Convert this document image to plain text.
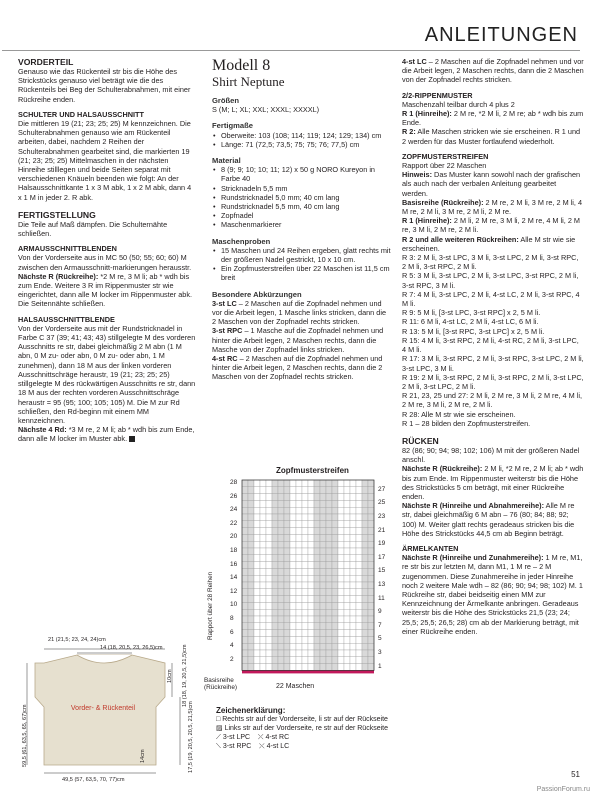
ANLEITUNGEN
VORDERTEIL

Genauso wie das Rückenteil str bis die Höhe des Strickstücks genauso viel beträgt wie die des Rückenteils bei Beg der Schulterabnahmen, mit einer Rückreihe enden.

SCHULTER UND HALSAUSSCHNITT

Die mittleren 19 (21; 23; 25; 25) M kennzeichnen. Die Schulterabnahmen genauso wie am Rückenteil arbeiten, dabei, nachdem 2 Reihen der Schulterabnahmen gearbeitet sind, die markierten 19 (21; 23; 25; 25) Mittelmaschen in der nächsten Hinreihe stilllegen und beide Seiten separat mit verschiedenen Knäueln beenden wie folgt: An der Halsausschnittkante 1 x 3 M abk, 1 x 2 M abk, dann 4 x 1 M in jeder 2. R abk.

FERTIGSTELLUNG

Die Teile auf Maß dämpfen. Die Schulternähte schließen.

ARMAUSSCHNITTBLENDEN

Von der Vorderseite aus in MC 50 (50; 55; 60; 60) M zwischen den Armausschnitt-markierungen herausstr.

Nächste R (Rückreihe): *2 M re, 3 M li; ab * wdh bis zum Ende. Weitere 3 R im Rippenmuster str wie eingerichtet, dann alle M locker im Rippenmuster abk. Die Seitennähte schließen.

HALSAUSSCHNITTBLENDE

Von der Vorderseite aus mit der Rundstricknadel in Farbe C 37 (39; 41; 43; 43) stillgelegte M des vorderen Ausschnitts re str, dabei gleichmäßig 2 M abn (1 M abn, 0 M zu- oder abn, 0 M zu- oder abn, 1 M zunehmen), dann 18 M aus der linken vorderen Ausschnittschräge heraustr, 19 (21; 23; 25; 25) stillgelegte M des rückwärtigen Ausschnitts re str, dann 18 M aus der rechten vorderen Ausschnittschräge heraustr = 95 (95; 100; 105; 105) M. Die M zur Rd schließen, den Rd-beginn mit einem MM kennzeichnen.

Nächste 4 Rd: *3 M re, 2 M li; ab * wdh bis zum Ende, dann alle M locker im Muster abk.

21 (21,5; 23, 24, 24)cm
14 (18, 20,5, 23, 26,5)cm
Vorder- & Rückenteil
10cm 18 (18, 19, 20,5, 21,5)cm
17,5 (19, 20,5, 20,5, 21,5)cm
59,5 (61, 63,5, 65, 67)cm	14cm
49,5 (57, 63,5, 70, 77)cm
Modell 8
Shirt Neptune
Größen

S (M; L; XL; XXL; XXXL; XXXXL)

Fertigmaße
• Oberweite: 103 (108; 114; 119; 124; 129; 134) cm
• Länge: 71 (72,5; 73,5; 75; 75; 76; 77,5) cm
Material
• 8 (9; 9; 10; 10; 11; 12) x 50 g NORO Kureyon in Farbe 40
• Stricknadeln 5,5 mm
• Rundstricknadel 5,0 mm; 40 cm lang
• Rundstricknadel 5,5 mm, 40 cm lang
• Zopfnadel
• Maschenmarkierer
Maschenproben
• 15 Maschen und 24 Reihen ergeben, glatt rechts mit der größeren Nadel gestrickt, 10 x 10 cm.
• Ein Zopfmusterstreifen über 22 Maschen ist 11,5 cm breit
Besondere Abkürzungen

3-st LC – 2 Maschen auf die Zopfnadel nehmen und vor die Arbeit legen, 1 Masche links stricken, dann die 2 Maschen von der Zopfnadel rechts stricken.

3-st RPC – 1 Masche auf die Zopfnadel nehmen und hinter die Arbeit legen, 2 Maschen rechts, dann die Masche von der Zopfnadel links stricken.

4-st RC – 2 Maschen auf die Zopfnadel nehmen und hinter die Arbeit legen, 2 Maschen rechts, dann die 2 Maschen von der Zopfnadel rechts stricken.

Zopfmusterstreifen
28
26
24
22
20
18
16
14
12
10
8
6
4
2
27
25
23
21
19
17
15
13
11
9
7
5
3
1
Rapport über 28 Reihen
Basisreihe (Rückreihe)	22 Maschen
Zeichenerklärung:
□ Rechts str auf der Vorderseite, li str auf der Rückseite
▨ Links str auf der Vorderseite, re str auf der Rückseite
⟋ 3-st LPC ⤫ 4-st RC
⟍ 3-st RPC ⤬ 4-st LC

4-st LC – 2 Maschen auf die Zopfnadel nehmen und vor die Arbeit legen, 2 Maschen rechts, dann die 2 Maschen von der Zopfnadel rechts stricken.

2/2-RIPPENMUSTER

Maschenzahl teilbar durch 4 plus 2

R 1 (Hinreihe): 2 M re, *2 M li, 2 M re; ab * wdh bis zum Ende.

R 2: Alle Maschen stricken wie sie erscheinen. R 1 und 2 werden für das Muster fortlaufend wiederholt.

ZOPFMUSTERSTREIFEN

Rapport über 22 Maschen

Hinweis: Das Muster kann sowohl nach der grafischen als auch nach der verbalen Anleitung gearbeitet werden.

Basisreihe (Rückreihe): 2 M re, 2 M li, 3 M re, 2 M li, 4 M re, 2 M li, 3 M re, 2 M li, 2 M re.

R 1 (Hinreihe): 2 M li, 2 M re, 3 M li, 2 M re, 4 M li, 2 M re, 3 M li, 2 M re, 2 M li.

R 2 und alle weiteren Rückreihen: Alle M str wie sie erscheinen.

R 3: 2 M li, 3-st LPC, 3 M li, 3-st LPC, 2 M li, 3-st RPC, 2 M li, 3-st RPC, 2 M li.

R 5: 3 M li, 3-st LPC, 2 M li, 3-st LPC, 3-st RPC, 2 M li, 3-st RPC, 3 M li.

R 7: 4 M li, 3-st LPC, 2 M li, 4-st LC, 2 M li, 3-st RPC, 4 M li.

R 9: 5 M li, [3-st LPC, 3-st RPC] x 2, 5 M li.

R 11: 6 M li, 4-st LC, 2 M li, 4-st LC, 6 M li.

R 13: 5 M li, [3-st RPC, 3-st LPC] x 2, 5 M li.

R 15: 4 M li, 3-st RPC, 2 M li, 4-st RC, 2 M li, 3-st LPC, 4 M li.

R 17: 3 M li, 3-st RPC, 2 M li, 3-st RPC, 3-st LPC, 2 M li, 3-st LPC, 3 M li.

R 19: 2 M li, 3-st RPC, 2 M li, 3-st RPC, 2 M li, 3-st LPC, 2 M li, 3-st LPC, 2 M li.

R 21, 23, 25 und 27: 2 M li, 2 M re, 3 M li, 2 M re, 4 M li, 2 M re, 3 M li, 2 M re, 2 M li.

R 28: Alle M str wie sie erscheinen.

R 1 – 28 bilden den Zopfmusterstreifen.

RÜCKEN

82 (86; 90; 94; 98; 102; 106) M mit der größeren Nadel anschl.

Nächste R (Rückreihe): 2 M li, *2 M re, 2 M li; ab * wdh bis zum Ende. Im Rippenmuster weiterstr bis die Höhe des Strickstücks 5 cm beträgt, mit einer Rückreihe enden.

Nächste R (Hinreihe und Abnahmereihe): Alle M re str, dabei gleichmäßig 6 M abn – 76 (80; 84; 88; 92; 100) M. Weiter glatt rechts geradeaus stricken bis die Höhe des Strickstücks 44,5 cm ab Beginn beträgt.

ÄRMELKANTEN

Nächste R (Hinreihe und Zunahmereihe): 1 M re, M1, re str bis zur letzten M, dann M1, 1 M re – 2 M zugenommen. Diese Zunahmereihe in jeder Hinreihe noch 2 weitere Male wdh – 82 (86; 90; 94; 98; 102) M. 1 Rückreihe str, dabei beidseitig einen MM zur Kennzeichnung der Ärmelkante anbringen. Geradeaus weiterstr bis die Höhe des Strickstücks 21,5 (23; 24; 25,5; 25,5; 26,5; 28) cm ab der Markierung beträgt, mit einer Rückreihe enden.

51
PassionForum.ru
